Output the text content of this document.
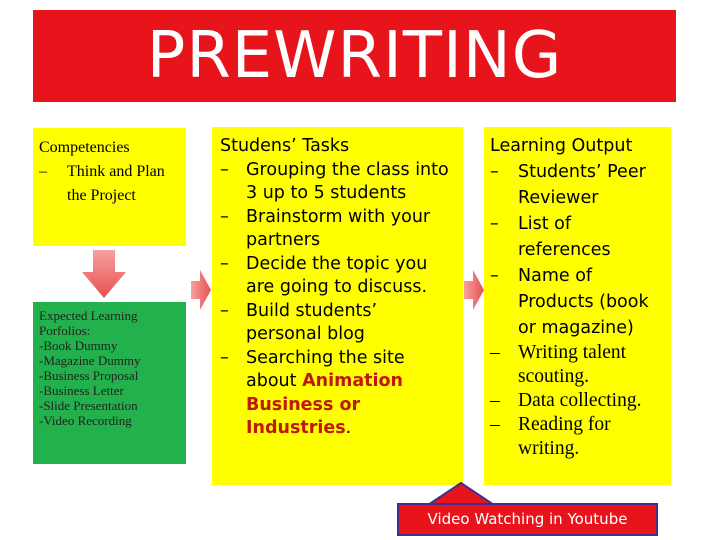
PREWRITING
Competencies
–	Think and Plan the Project
Expected Learning
Porfolios:
-Book Dummy
-Magazine Dummy
-Business Proposal
-Business Letter
-Slide Presentation
-Video Recording
Studens’ Tasks
– Grouping the class into 3 up to 5 students
– Brainstorm with your partners
– Decide the topic you are going to discuss.
– Build students’ personal blog
– Searching the site about Animation Business or Industries.
Learning Output
–	Students’ Peer Reviewer
–	List of references
–	Name of Products (book or magazine)
– Writing talent scouting.
– Data collecting.
– Reading for writing.
Video Watching in Youtube
